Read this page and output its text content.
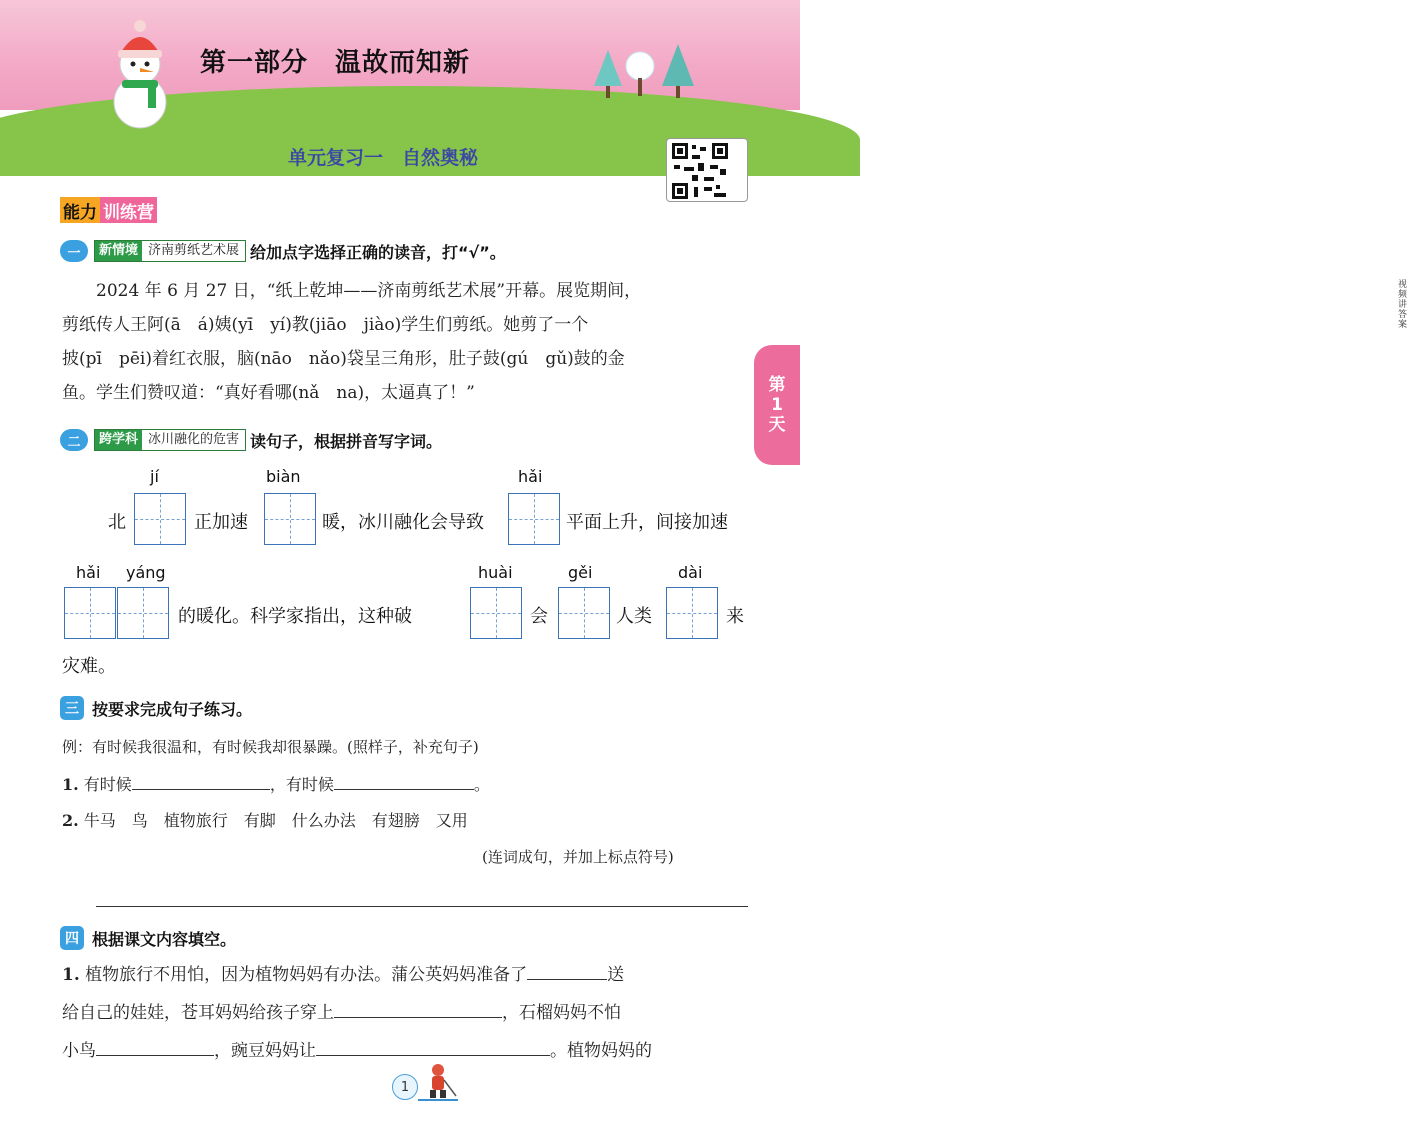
第一部分　温故而知新
单元复习一　自然奥秘
视频讲答案
能力 训练营
一	新情境 济南剪纸艺术展 给加点字选择正确的读音，打“√”。
　　2024 年 6 月 27 日，“纸上乾坤——济南剪纸艺术展”开幕。展览期间，
剪纸传人王阿(ā　á)姨(yī　yí)教(jiāo　jiào)学生们剪纸。她剪了一个
披(pī　pēi)着红衣服，脑(nāo　nǎo)袋呈三角形，肚子鼓(gú　gǔ)鼓的金
鱼。学生们赞叹道：“真好看哪(nǎ　na)，太逼真了！”
二	跨学科 冰川融化的危害 读句子，根据拼音写字词。
jí	biàn	hǎi
北	正加速	暖，冰川融化会导致	平面上升，间接加速
hǎi yáng	huài	gěi	dài
的暖化。科学家指出，这种破	会	人类	来
灾难。
三 按要求完成句子练习。
例：有时候我很温和，有时候我却很暴躁。(照样子，补充句子)
1. 有时候	，有时候	。
2. 牛马　鸟　植物旅行　有脚　什么办法　有翅膀　又用
(连词成句，并加上标点符号)
四 根据课文内容填空。
1. 植物旅行不用怕，因为植物妈妈有办法。蒲公英妈妈准备了	送
给自己的娃娃，苍耳妈妈给孩子穿上	，石榴妈妈不怕
小鸟	，豌豆妈妈让	。植物妈妈的
第
1
天
1
